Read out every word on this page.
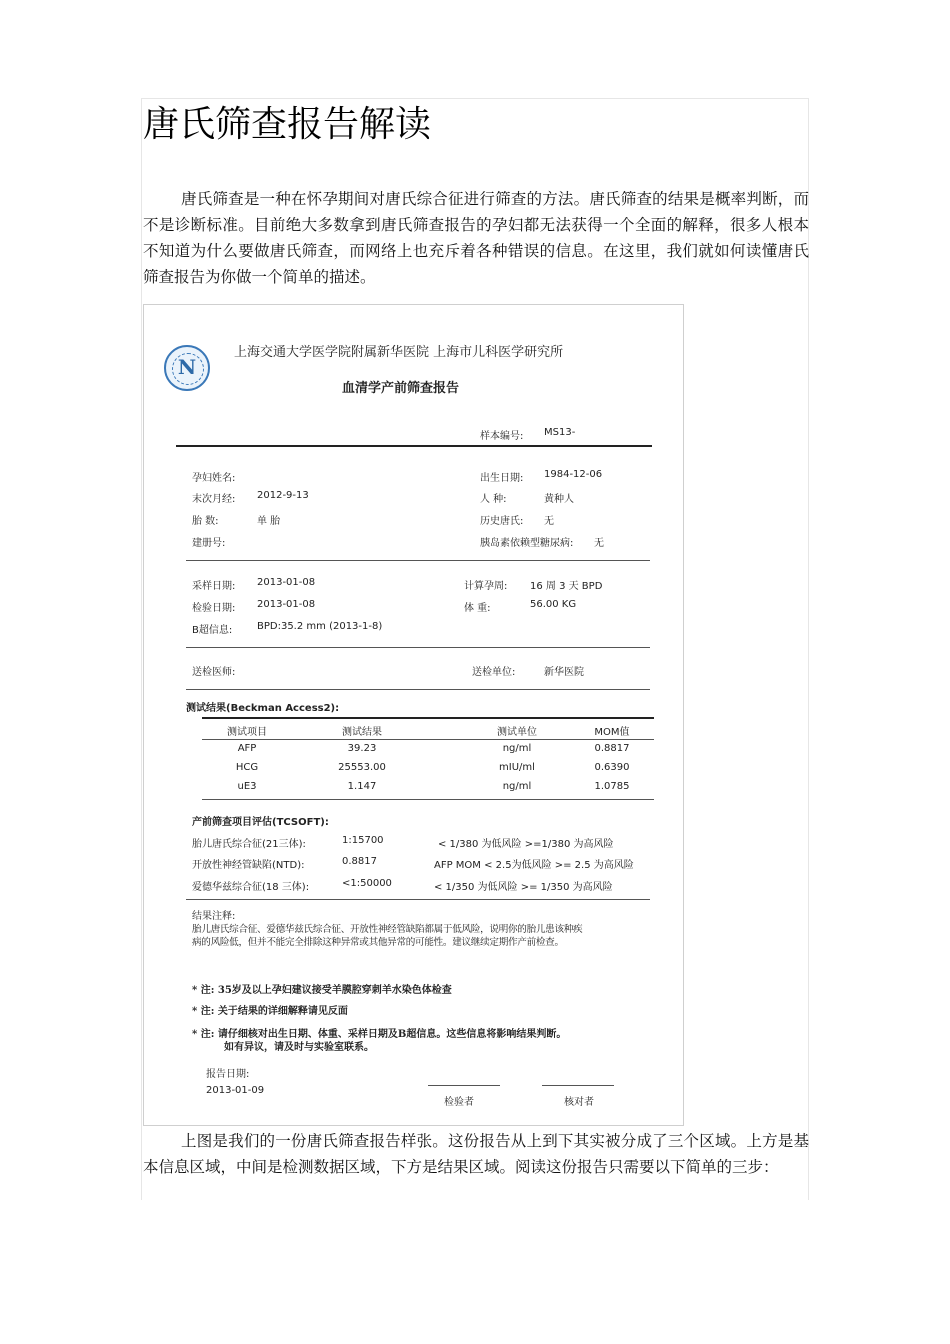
唐氏筛查报告解读

唐氏筛查是一种在怀孕期间对唐氏综合征进行筛查的方法。唐氏筛查的结果是概率判断，而不是诊断标准。目前绝大多数拿到唐氏筛查报告的孕妇都无法获得一个全面的解释，很多人根本不知道为什么要做唐氏筛查，而网络上也充斥着各种错误的信息。在这里，我们就如何读懂唐氏筛查报告为你做一个简单的描述。

N
上海交通大学医学院附属新华医院 上海市儿科医学研究所
血清学产前筛查报告
样本编号: MS13-
孕妇姓名:
末次月经: 2012-9-13
胎 数:	单 胎
建册号:
出生日期: 1984-12-06
人 种:	黄种人
历史唐氏: 无
胰岛素依赖型糖尿病: 无
采样日期: 2013-01-08
检验日期: 2013-01-08
B超信息: BPD:35.2 mm (2013-1-8)
计算孕周: 16 周 3 天 BPD
体 重:	56.00 KG
送检医师:	送检单位:	新华医院
测试结果(Beckman Access2):
测试项目	测试结果	测试单位	MOM值
AFP	39.23	ng/ml	0.8817
HCG	25553.00	mIU/ml	0.6390
uE3	1.147	ng/ml	1.0785
产前筛查项目评估(TCSOFT):
胎儿唐氏综合征(21三体):	1:15700	< 1/380 为低风险 >=1/380 为高风险
开放性神经管缺陷(NTD):	0.8817	AFP MOM < 2.5为低风险 >= 2.5 为高风险
爱德华兹综合征(18 三体):	<1:50000	< 1/350 为低风险 >= 1/350 为高风险
结果注释:
胎儿唐氏综合征、爱德华兹氏综合征、开放性神经管缺陷都属于低风险，说明你的胎儿患该种疾
病的风险低，但并不能完全排除这种异常或其他异常的可能性。建议继续定期作产前检查。
* 注: 35岁及以上孕妇建议接受羊膜腔穿刺羊水染色体检查
* 注: 关于结果的详细解释请见反面
* 注: 请仔细核对出生日期、体重、采样日期及B超信息。这些信息将影响结果判断。
如有异议，请及时与实验室联系。
报告日期:
2013-01-09
检验者	核对者

上图是我们的一份唐氏筛查报告样张。这份报告从上到下其实被分成了三个区域。上方是基本信息区域，中间是检测数据区域，下方是结果区域。阅读这份报告只需要以下简单的三步：
